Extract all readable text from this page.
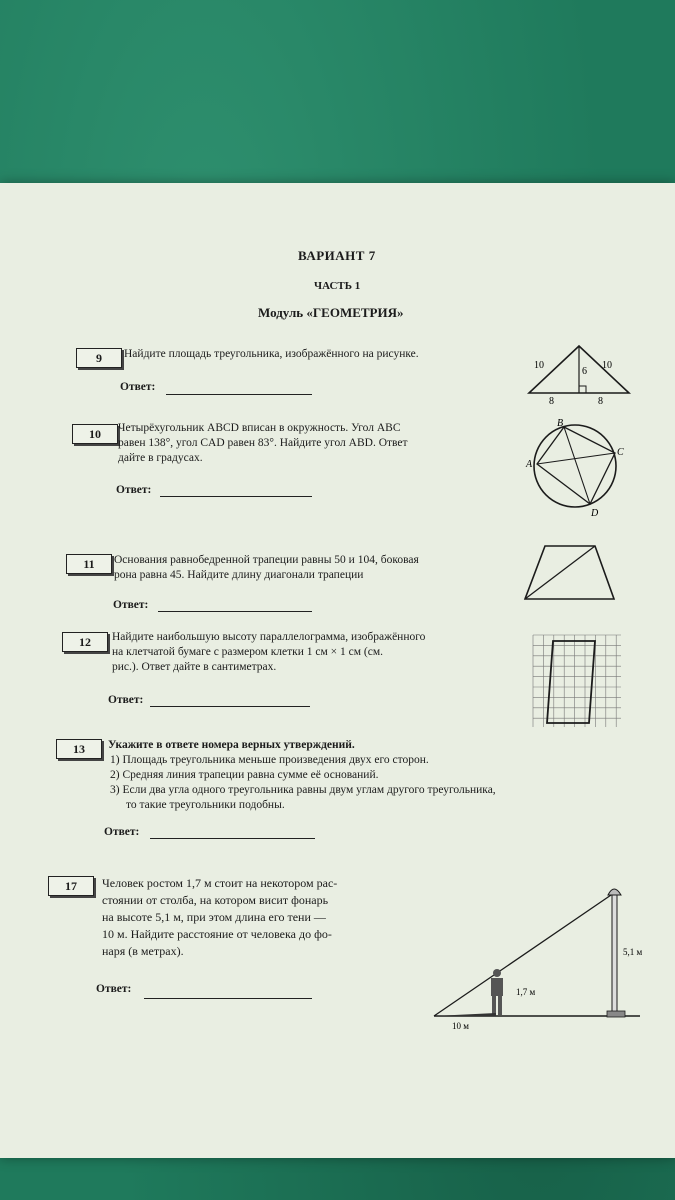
ВАРИАНТ 7
ЧАСТЬ 1
Модуль «ГЕОМЕТРИЯ»
9	Найдите площадь треугольника, изображённого на рисунке.
Ответ:
10	10
6
8	8
10	Четырёхугольник ABCD вписан в окружность. Угол ABC
равен 138°, угол CAD равен 83°. Найдите угол ABD. Ответ
дайте в градусах.
Ответ:
B
C
A
D
11	Основания равнобедренной трапеции равны 50 и 104, боковая
рона равна 45. Найдите длину диагонали трапеции
Ответ:
12	Найдите наибольшую высоту параллелограмма, изображённого
на клетчатой бумаге с размером клетки 1 см × 1 см (см.
рис.). Ответ дайте в сантиметрах.
Ответ:
13	Укажите в ответе номера верных утверждений.
1) Площадь треугольника меньше произведения двух его сторон.
2) Средняя линия трапеции равна сумме её оснований.
3) Если два угла одного треугольника равны двум углам другого треугольника,
то такие треугольники подобны.
Ответ:
17	Человек ростом 1,7 м стоит на некотором рас-
стоянии от столба, на котором висит фонарь
на высоте 5,1 м, при этом длина его тени —
10 м. Найдите расстояние от человека до фо-
наря (в метрах).
Ответ:	1,7 м
5,1 м
10 м
